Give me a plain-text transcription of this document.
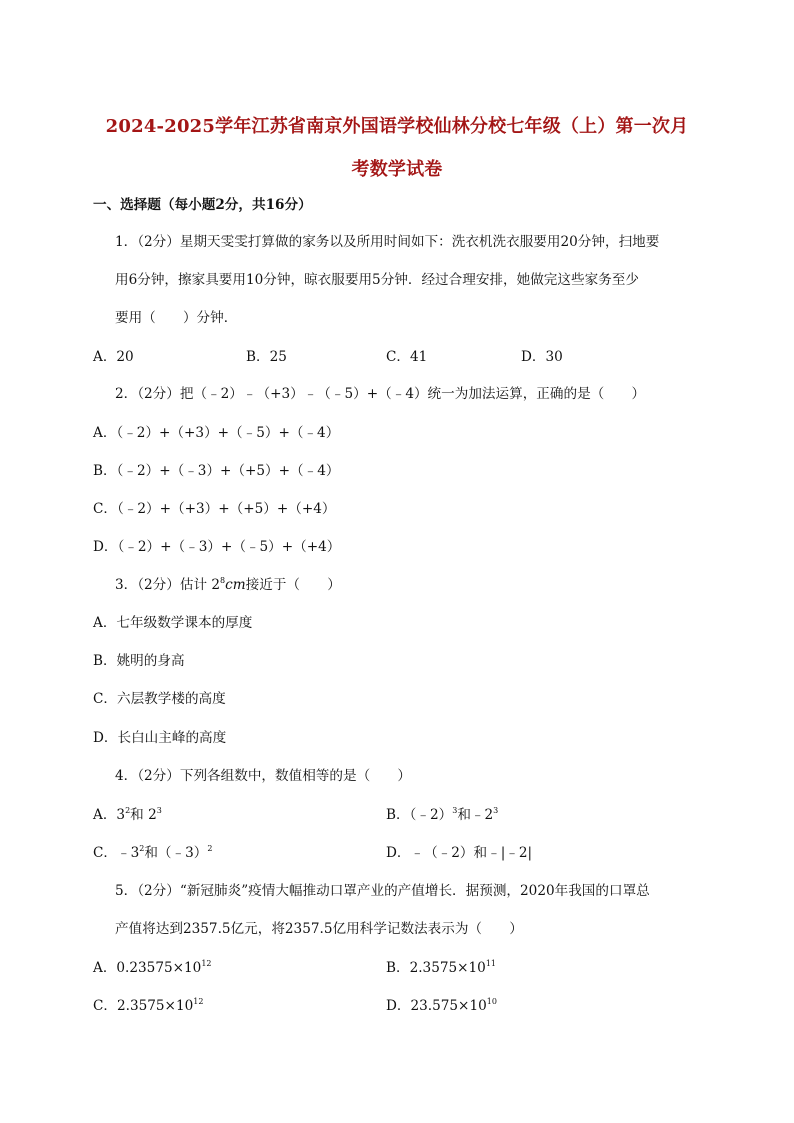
2024-2025学年江苏省南京外国语学校仙林分校七年级（上）第一次月
考数学试卷
一、选择题（每小题2分，共16分）
1．（2分）星期天雯雯打算做的家务以及所用时间如下：洗衣机洗衣服要用20分钟，扫地要
用6分钟，擦家具要用10分钟，晾衣服要用5分钟．经过合理安排，她做完这些家务至少
要用（　　）分钟．
A．20	B．25	C．41	D．30
2．（2分）把（﹣2）﹣（+3）﹣（﹣5）+（﹣4）统一为加法运算，正确的是（　　）
A．（﹣2）+（+3）+（﹣5）+（﹣4）
B．（﹣2）+（﹣3）+（+5）+（﹣4）
C．（﹣2）+（+3）+（+5）+（+4）
D．（﹣2）+（﹣3）+（﹣5）+（+4）
3．（2分）估计 $2^8cm$接近于（　　）
A．七年级数学课本的厚度
B．姚明的身高
C．六层教学楼的高度
D．长白山主峰的高度
4．（2分）下列各组数中，数值相等的是（　　）
A．$3^2$和 $2^3$	B．（﹣2）$^3$和$﹣2^3$
C．$﹣3^2$和（﹣3）$^2$	D．﹣（﹣2）和﹣|﹣2|
5．（2分）“新冠肺炎”疫情大幅推动口罩产业的产值增长．据预测，2020年我国的口罩总
产值将达到2357.5亿元，将2357.5亿用科学记数法表示为（　　）
A．$0.23575\times 10^{12}$	B．$2.3575\times 10^{11}$
C．$2.3575\times 10^{12}$	D．$23.575\times 10^{10}$
